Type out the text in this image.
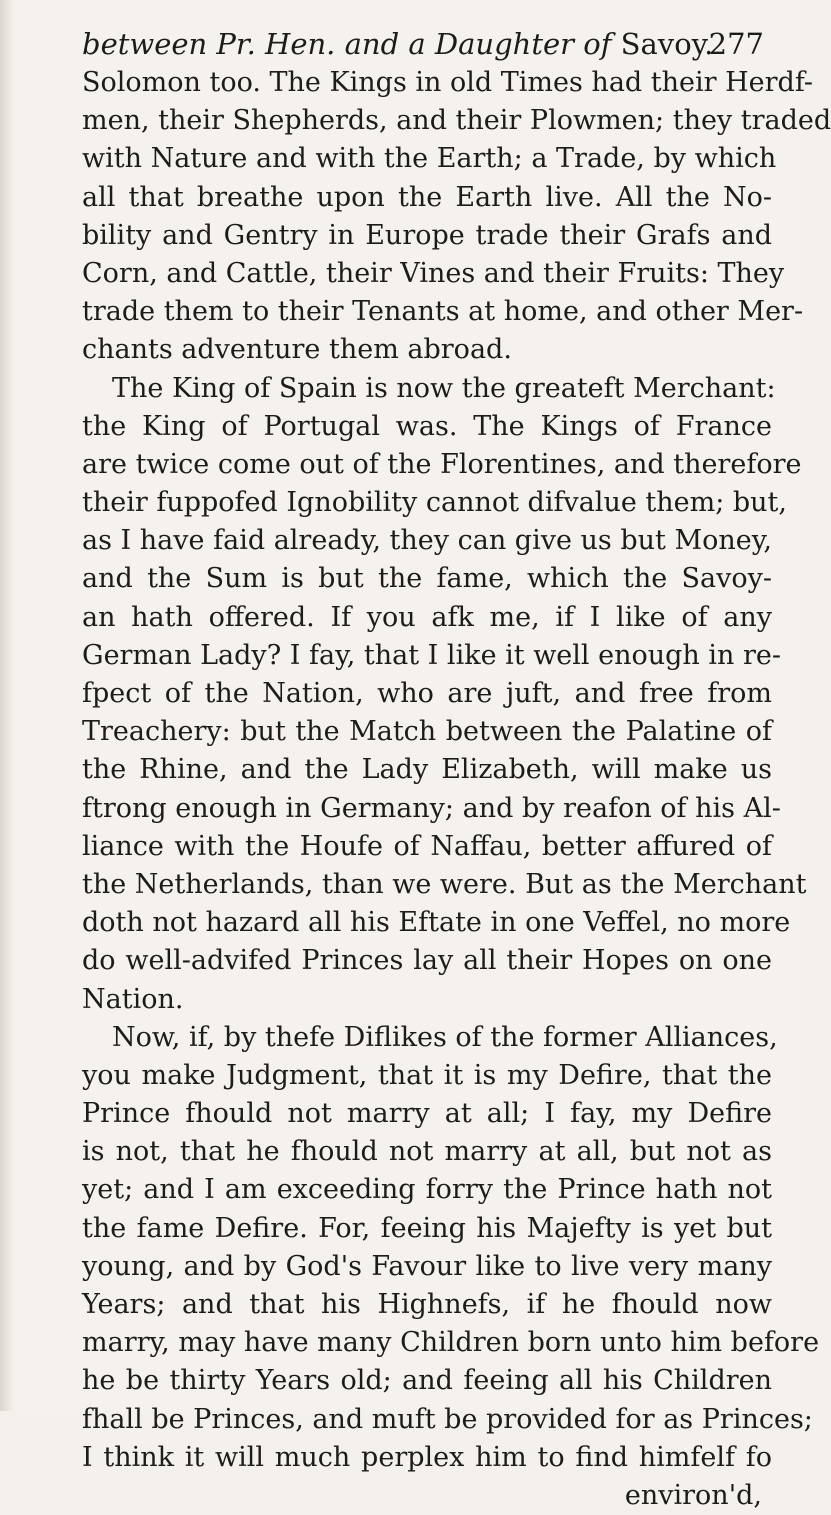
between Pr. Hen. and a Daughter of Savoy.
277
Solomon too. The Kings in old Times had their Herdf-
men, their Shepherds, and their Plowmen; they traded
with Nature and with the Earth; a Trade, by which
all that breathe upon the Earth live. All the No-
bility and Gentry in Europe trade their Grafs and
Corn, and Cattle, their Vines and their Fruits: They
trade them to their Tenants at home, and other Mer-
chants adventure them abroad.
The King of Spain is now the greateft Merchant:
the King of Portugal was. The Kings of France
are twice come out of the Florentines, and therefore
their fuppofed Ignobility cannot difvalue them; but,
as I have faid already, they can give us but Money,
and the Sum is but the fame, which the Savoy-
an hath offered. If you afk me, if I like of any
German Lady? I fay, that I like it well enough in re-
fpect of the Nation, who are juft, and free from
Treachery: but the Match between the Palatine of
the Rhine, and the Lady Elizabeth, will make us
ftrong enough in Germany; and by reafon of his Al-
liance with the Houfe of Naffau, better affured of
the Netherlands, than we were. But as the Merchant
doth not hazard all his Eftate in one Veffel, no more
do well-advifed Princes lay all their Hopes on one
Nation.
Now, if, by thefe Diflikes of the former Alliances,
you make Judgment, that it is my Defire, that the
Prince fhould not marry at all; I fay, my Defire
is not, that he fhould not marry at all, but not as
yet; and I am exceeding forry the Prince hath not
the fame Defire. For, feeing his Majefty is yet but
young, and by God's Favour like to live very many
Years; and that his Highnefs, if he fhould now
marry, may have many Children born unto him before
he be thirty Years old; and feeing all his Children
fhall be Princes, and muft be provided for as Princes;
I think it will much perplex him to find himfelf fo
environ'd,
